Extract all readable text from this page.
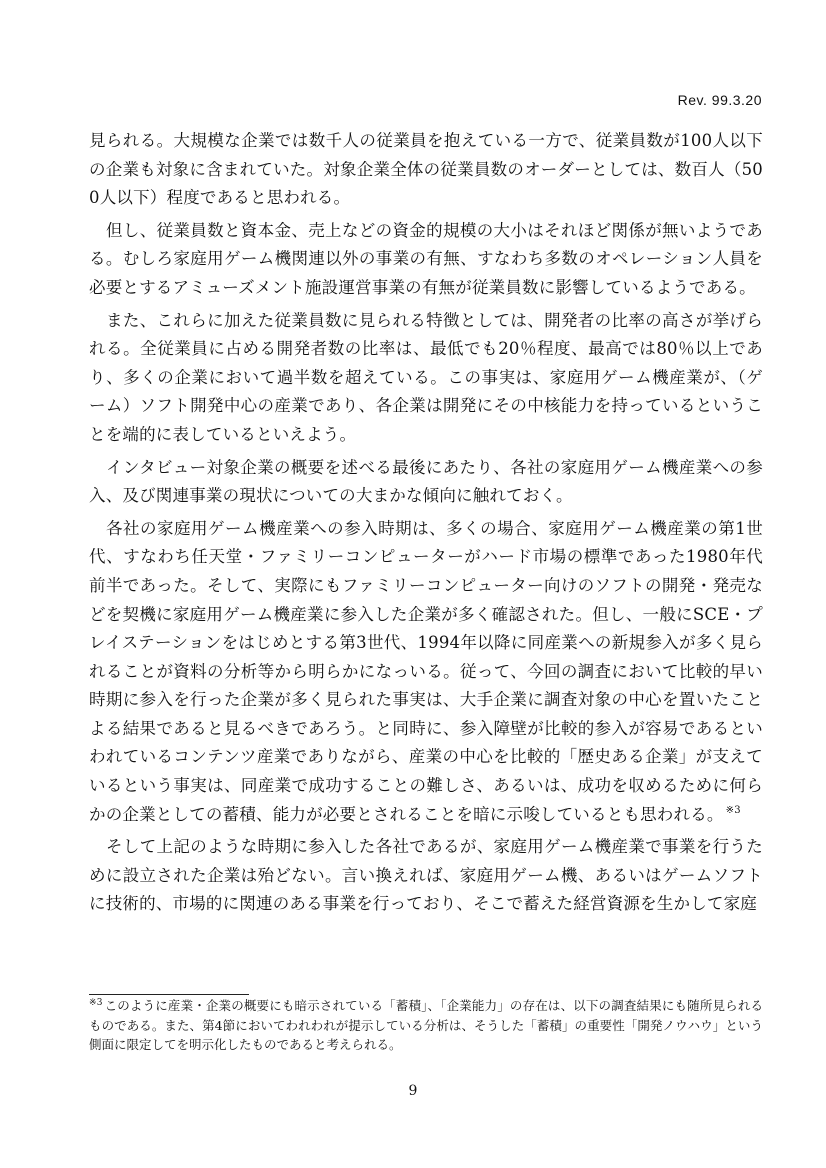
Rev. 99.3.20

見られる。大規模な企業では数千人の従業員を抱えている一方で、従業員数が100人以下の企業も対象に含まれていた。対象企業全体の従業員数のオーダーとしては、数百人（500人以下）程度であると思われる。

但し、従業員数と資本金、売上などの資金的規模の大小はそれほど関係が無いようである。むしろ家庭用ゲーム機関連以外の事業の有無、すなわち多数のオペレーション人員を必要とするアミューズメント施設運営事業の有無が従業員数に影響しているようである。

また、これらに加えた従業員数に見られる特徴としては、開発者の比率の高さが挙げられる。全従業員に占める開発者数の比率は、最低でも20％程度、最高では80％以上であり、多くの企業において過半数を超えている。この事実は、家庭用ゲーム機産業が、（ゲーム）ソフト開発中心の産業であり、各企業は開発にその中核能力を持っているということを端的に表しているといえよう。

インタビュー対象企業の概要を述べる最後にあたり、各社の家庭用ゲーム機産業への参入、及び関連事業の現状についての大まかな傾向に触れておく。

各社の家庭用ゲーム機産業への参入時期は、多くの場合、家庭用ゲーム機産業の第1世代、すなわち任天堂・ファミリーコンピューターがハード市場の標準であった1980年代前半であった。そして、実際にもファミリーコンピューター向けのソフトの開発・発売などを契機に家庭用ゲーム機産業に参入した企業が多く確認された。但し、一般にSCE・プレイステーションをはじめとする第3世代、1994年以降に同産業への新規参入が多く見られることが資料の分析等から明らかになっいる。従って、今回の調査において比較的早い時期に参入を行った企業が多く見られた事実は、大手企業に調査対象の中心を置いたことよる結果であると見るべきであろう。と同時に、参入障壁が比較的参入が容易であるといわれているコンテンツ産業でありながら、産業の中心を比較的「歴史ある企業」が支えているという事実は、同産業で成功することの難しさ、あるいは、成功を収めるために何らかの企業としての蓄積、能力が必要とされることを暗に示唆しているとも思われる。 $^{※3}$

そして上記のような時期に参入した各社であるが、家庭用ゲーム機産業で事業を行うために設立された企業は殆どない。言い換えれば、家庭用ゲーム機、あるいはゲームソフトに技術的、市場的に関連のある事業を行っており、そこで蓄えた経営資源を生かして家庭

$^{※3}$ このように産業・企業の概要にも暗示されている「蓄積」、「企業能力」の存在は、以下の調査結果にも随所見られるものである。また、第4節においてわれわれが提示している分析は、そうした「蓄積」の重要性「開発ノウハウ」という側面に限定してを明示化したものであると考えられる。
9
